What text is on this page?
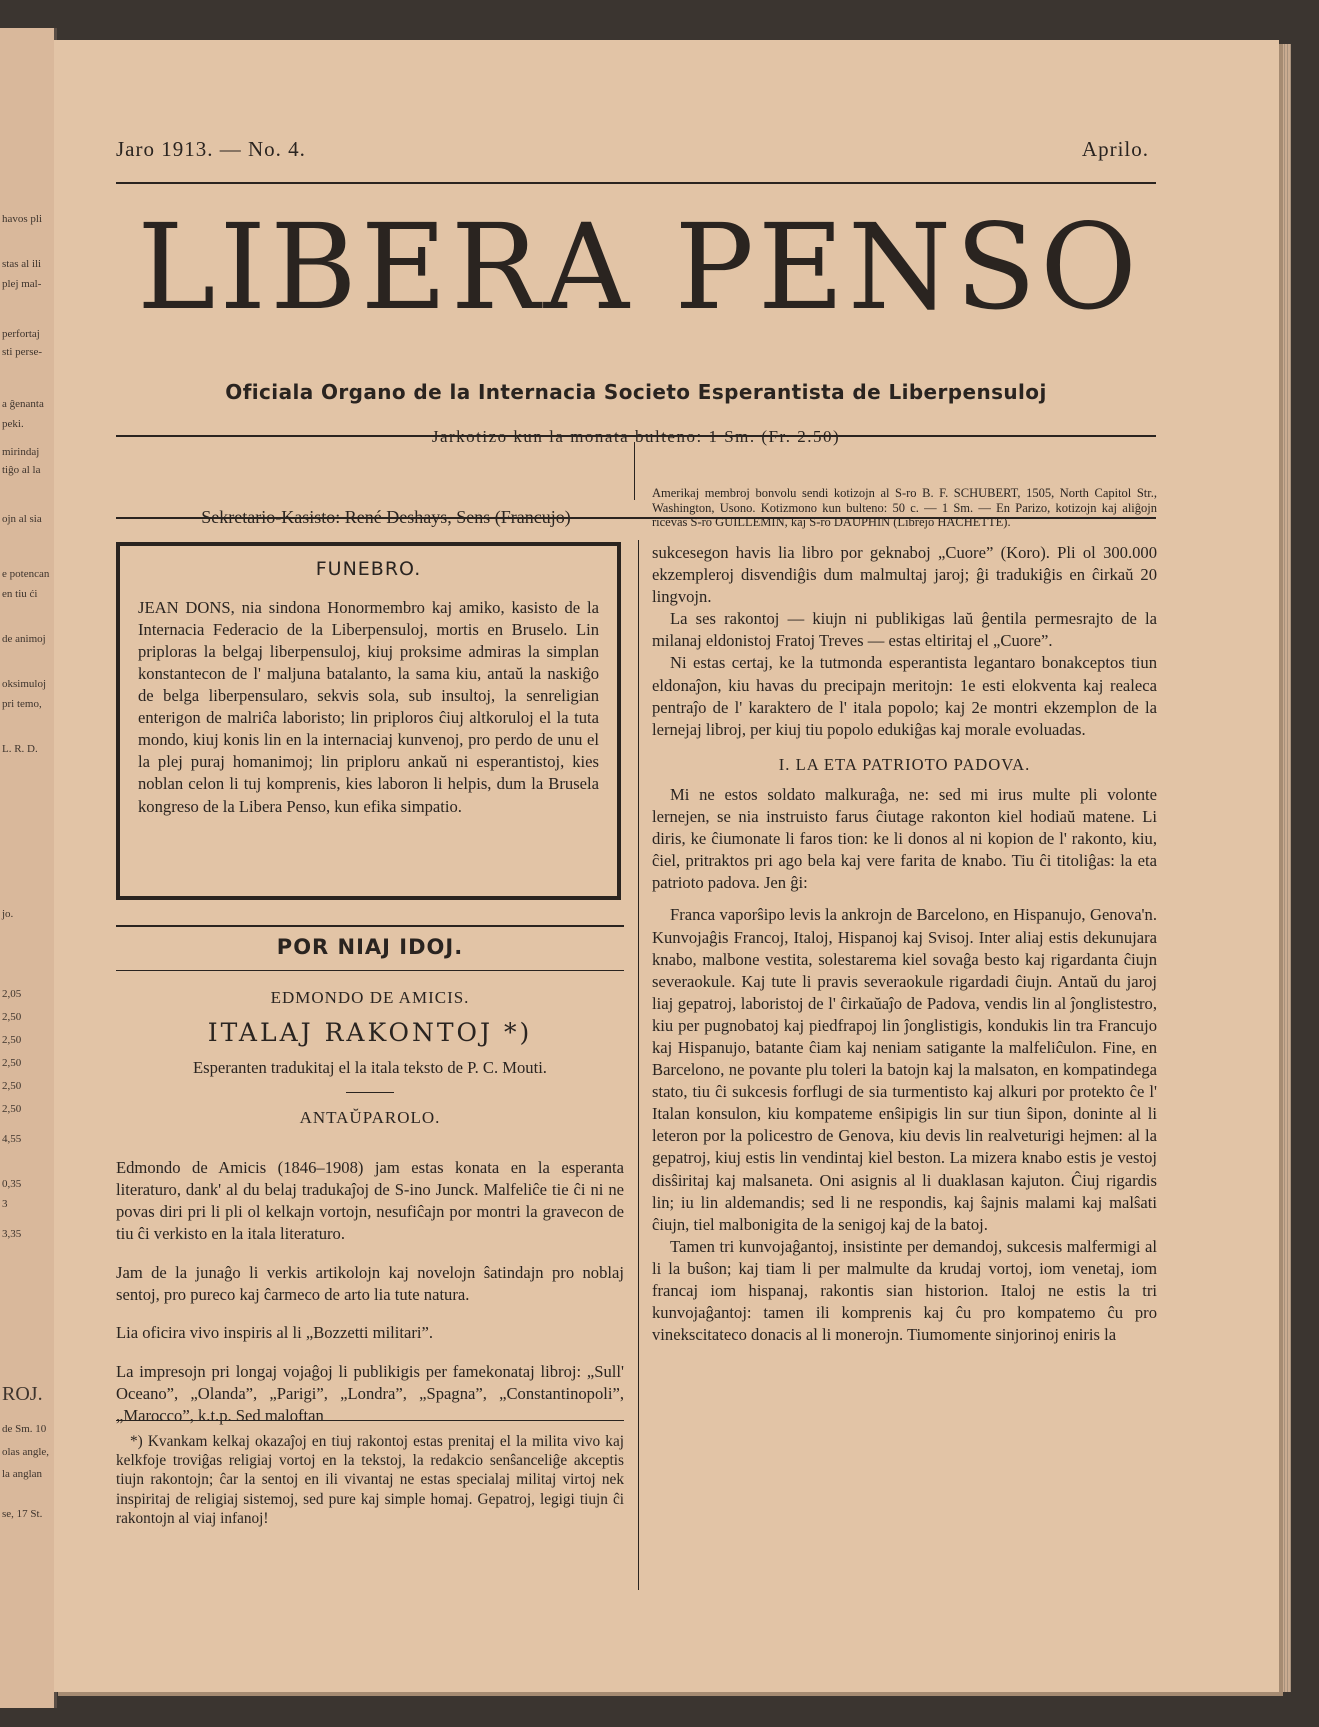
havos pli
stas al ili
plej mal-
perfortaj
sti perse-
a ĝenanta
peki.
mirindaj
tiĝo al la
ojn al sia
e potencan
en tiu ći
de animoj
oksimuloj
pri temo,
L. R. D.
jo.
2,05
2,50
2,50
2,50
2,50
2,50
4,55
0,35
3
3,35
ROJ.
de Sm. 10
olas angle,
la anglan
se, 17 St.
Jaro 1913. — No. 4.	Aprilo.
LIBERA PENSO
Oficiala Organo de la Internacia Societo Esperantista de Liberpensuloj
Jarkotizo kun la monata bulteno: 1 Sm. (Fr. 2.50)
Sekretario-Kasisto: René Deshays, Sens (Francujo)
Amerikaj membroj bonvolu sendi kotizojn al S-ro B. F. SCHUBERT, 1505, North Capitol Str., Washington, Usono. Kotizmono kun bulteno: 50 c. — 1 Sm. — En Parizo, kotizojn kaj aliĝojn ricevas S-ro GUILLEMIN, kaj S-ro DAUPHIN (Librejo HACHETTE).
FUNEBRO.

JEAN DONS, nia sindona Honormembro kaj amiko, kasisto de la Internacia Federacio de la Liberpensuloj, mortis en Bruselo. Lin priploras la belgaj liberpensuloj, kiuj proksime admiras la simplan konstantecon de l' maljuna batalanto, la sama kiu, antaŭ la naskiĝo de belga liberpensularo, sekvis sola, sub insultoj, la senreligian enterigon de malriĉa laboristo; lin priploros ĉiuj altkoruloj el la tuta mondo, kiuj konis lin en la internaciaj kunvenoj, pro perdo de unu el la plej puraj homanimoj; lin priploru ankaŭ ni esperantistoj, kies noblan celon li tuj komprenis, kies laboron li helpis, dum la Brusela kongreso de la Libera Penso, kun efika simpatio.

POR NIAJ IDOJ.
EDMONDO DE AMICIS.
ITALAJ RAKONTOJ *)
Esperanten tradukitaj el la itala teksto de P. C. Mouti.
ANTAŬPAROLO.

Edmondo de Amicis (1846–1908) jam estas konata en la esperanta literaturo, dank' al du belaj tradukaĵoj de S-ino Junck. Malfeliĉe tie ĉi ni ne povas diri pri li pli ol kelkajn vortojn, nesufiĉajn por montri la gravecon de tiu ĉi verkisto en la itala literaturo.

Jam de la junaĝo li verkis artikolojn kaj novelojn ŝatindajn pro noblaj sentoj, pro pureco kaj ĉarmeco de arto lia tute natura.

Lia oficira vivo inspiris al li „Bozzetti militari”.

La impresojn pri longaj vojaĝoj li publikigis per famekonataj libroj: „Sull' Oceano”, „Olanda”, „Parigi”, „Londra”, „Spagna”, „Constantinopoli”, „Marocco”, k.t.p. Sed maloftan

*) Kvankam kelkaj okazaĵoj en tiuj rakontoj estas prenitaj el la milita vivo kaj kelkfoje troviĝas religiaj vortoj en la tekstoj, la redakcio senŝanceliĝe akceptis tiujn rakontojn; ĉar la sentoj en ili vivantaj ne estas specialaj militaj virtoj nek inspiritaj de religiaj sistemoj, sed pure kaj simple homaj. Gepatroj, legigi tiujn ĉi rakontojn al viaj infanoj!

sukcesegon havis lia libro por geknaboj „Cuore” (Koro). Pli ol 300.000 ekzempleroj disvendiĝis dum malmultaj jaroj; ĝi tradukiĝis en ĉirkaŭ 20 lingvojn.

La ses rakontoj — kiujn ni publikigas laŭ ĝentila permesrajto de la milanaj eldonistoj Fratoj Treves — estas eltiritaj el „Cuore”.

Ni estas certaj, ke la tutmonda esperantista legantaro bonakceptos tiun eldonaĵon, kiu havas du precipajn meritojn: 1e esti elokventa kaj realeca pentraĵo de l' karaktero de l' itala popolo; kaj 2e montri ekzemplon de la lernejaj libroj, per kiuj tiu popolo edukiĝas kaj morale evoluadas.

I. LA ETA PATRIOTO PADOVA.

Mi ne estos soldato malkuraĝa, ne: sed mi irus multe pli volonte lernejen, se nia instruisto farus ĉiutage rakonton kiel hodiaŭ matene. Li diris, ke ĉiumonate li faros tion: ke li donos al ni kopion de l' rakonto, kiu, ĉiel, pritraktos pri ago bela kaj vere farita de knabo. Tiu ĉi titoliĝas: la eta patrioto padova. Jen ĝi:

Franca vaporŝipo levis la ankrojn de Barcelono, en Hispanujo, Genova'n. Kunvojaĝis Francoj, Italoj, Hispanoj kaj Svisoj. Inter aliaj estis dekunujara knabo, malbone vestita, solestarema kiel sovaĝa besto kaj rigardanta ĉiujn severaokule. Kaj tute li pravis severaokule rigardadi ĉiujn. Antaŭ du jaroj liaj gepatroj, laboristoj de l' ĉirkaŭaĵo de Padova, vendis lin al ĵonglistestro, kiu per pugnobatoj kaj piedfrapoj lin ĵonglistigis, kondukis lin tra Francujo kaj Hispanujo, batante ĉiam kaj neniam satigante la malfeliĉulon. Fine, en Barcelono, ne povante plu toleri la batojn kaj la malsaton, en kompatindega stato, tiu ĉi sukcesis forflugi de sia turmentisto kaj alkuri por protekto ĉe l' Italan konsulon, kiu kompateme enŝipigis lin sur tiun ŝipon, doninte al li leteron por la policestro de Genova, kiu devis lin realveturigi hejmen: al la gepatroj, kiuj estis lin vendintaj kiel beston. La mizera knabo estis je vestoj disŝiritaj kaj malsaneta. Oni asignis al li duaklasan kajuton. Ĉiuj rigardis lin; iu lin aldemandis; sed li ne respondis, kaj ŝajnis malami kaj malŝati ĉiujn, tiel malbonigita de la senigoj kaj de la batoj.

Tamen tri kunvojaĝantoj, insistinte per demandoj, sukcesis malfermigi al li la buŝon; kaj tiam li per malmulte da krudaj vortoj, iom venetaj, iom francaj iom hispanaj, rakontis sian historion. Italoj ne estis la tri kunvojaĝantoj: tamen ili komprenis kaj ĉu pro kompatemo ĉu pro vinekscitateco donacis al li monerojn. Tiumomente sinjorinoj eniris la
